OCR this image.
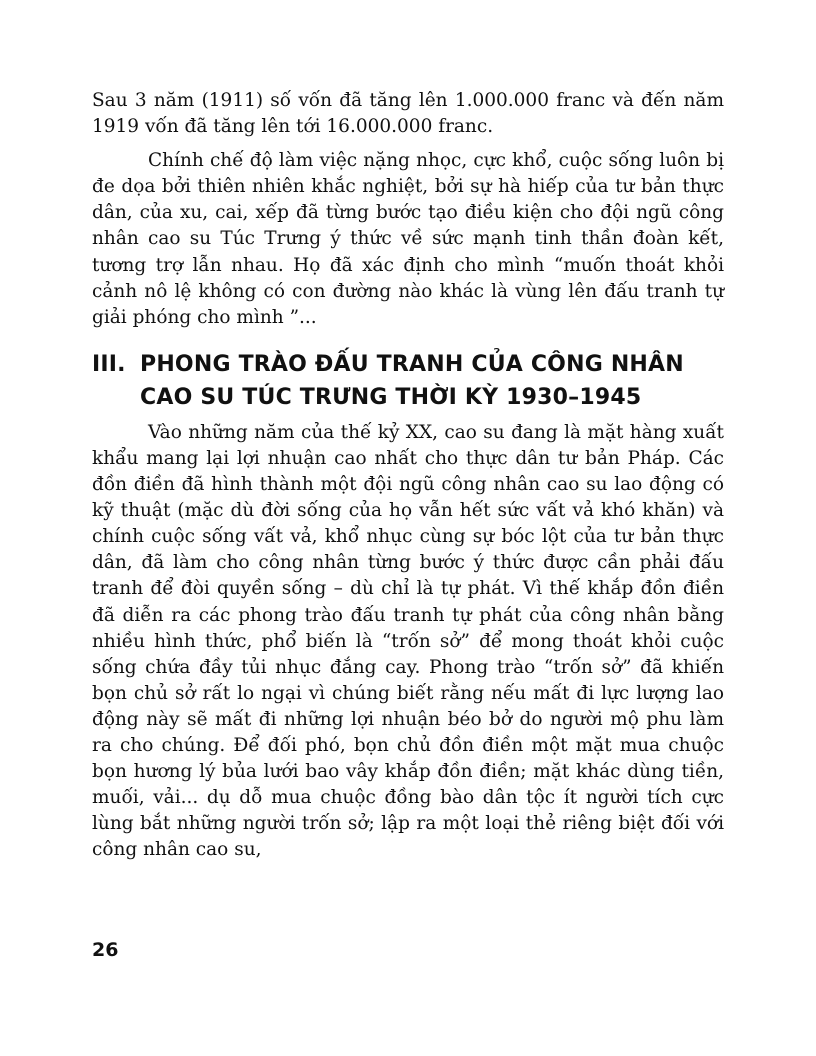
Sau 3 năm (1911) số vốn đã tăng lên 1.000.000 franc và đến năm 1919 vốn đã tăng lên tới 16.000.000 franc.

Chính chế độ làm việc nặng nhọc, cực khổ, cuộc sống luôn bị đe dọa bởi thiên nhiên khắc nghiệt, bởi sự hà hiếp của tư bản thực dân, của xu, cai, xếp đã từng bước tạo điều kiện cho đội ngũ công nhân cao su Túc Trưng ý thức về sức mạnh tinh thần đoàn kết, tương trợ lẫn nhau. Họ đã xác định cho mình “muốn thoát khỏi cảnh nô lệ không có con đường nào khác là vùng lên đấu tranh tự giải phóng cho mình ”...

III. PHONG TRÀO ĐẤU TRANH CỦA CÔNG NHÂN
CAO SU TÚC TRƯNG THỜI KỲ 1930–1945

Vào những năm của thế kỷ XX, cao su đang là mặt hàng xuất khẩu mang lại lợi nhuận cao nhất cho thực dân tư bản Pháp. Các đồn điền đã hình thành một đội ngũ công nhân cao su lao động có kỹ thuật (mặc dù đời sống của họ vẫn hết sức vất vả khó khăn) và chính cuộc sống vất vả, khổ nhục cùng sự bóc lột của tư bản thực dân, đã làm cho công nhân từng bước ý thức được cần phải đấu tranh để đòi quyền sống – dù chỉ là tự phát. Vì thế khắp đồn điền đã diễn ra các phong trào đấu tranh tự phát của công nhân bằng nhiều hình thức, phổ biến là “trốn sở” để mong thoát khỏi cuộc sống chứa đầy tủi nhục đắng cay. Phong trào “trốn sở” đã khiến bọn chủ sở rất lo ngại vì chúng biết rằng nếu mất đi lực lượng lao động này sẽ mất đi những lợi nhuận béo bở do người mộ phu làm ra cho chúng. Để đối phó, bọn chủ đồn điền một mặt mua chuộc bọn hương lý bủa lưới bao vây khắp đồn điền; mặt khác dùng tiền, muối, vải... dụ dỗ mua chuộc đồng bào dân tộc ít người tích cực lùng bắt những người trốn sở; lập ra một loại thẻ riêng biệt đối với công nhân cao su,

26
